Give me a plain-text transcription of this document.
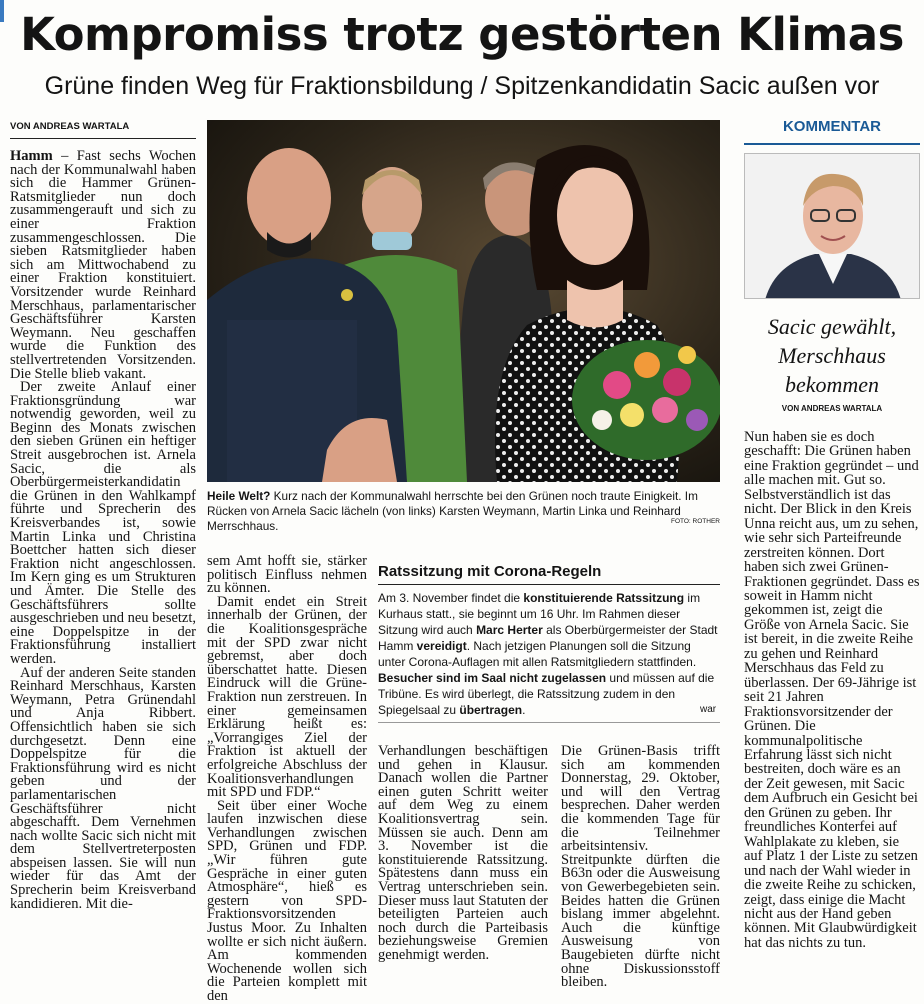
Kompromiss trotz gestörten Klimas
Grüne finden Weg für Fraktionsbildung / Spitzenkandidatin Sacic außen vor
VON ANDREAS WARTALA

Hamm – Fast sechs Wochen nach der Kommunalwahl haben sich die Hammer Grünen-Ratsmitglieder nun doch zusammengerauft und sich zu einer Fraktion zusammengeschlossen. Die sieben Ratsmitglieder haben sich am Mittwochabend zu einer Fraktion konstituiert. Vorsitzender wurde Reinhard Merschhaus, parlamentarischer Geschäftsführer Karsten Weymann. Neu geschaffen wurde die Funktion des stellvertretenden Vorsitzenden. Die Stelle blieb vakant.

Der zweite Anlauf einer Fraktionsgründung war notwendig geworden, weil zu Beginn des Monats zwischen den sieben Grünen ein heftiger Streit ausgebrochen ist. Arnela Sacic, die als Oberbürgermeisterkandidatin die Grünen in den Wahlkampf führte und Sprecherin des Kreisverbandes ist, sowie Martin Linka und Christina Boettcher hatten sich dieser Fraktion nicht angeschlossen. Im Kern ging es um Strukturen und Ämter. Die Stelle des Geschäftsführers sollte ausgeschrieben und neu besetzt, eine Doppelspitze in der Fraktionsführung installiert werden.

Auf der anderen Seite standen Reinhard Merschhaus, Karsten Weymann, Petra Grünendahl und Anja Ribbert. Offensichtlich haben sie sich durchgesetzt. Denn eine Doppelspitze für die Fraktionsführung wird es nicht geben und der parlamentarischen Geschäftsführer nicht abgeschafft. Dem Vernehmen nach wollte Sacic sich nicht mit dem Stellvertreterposten abspeisen lassen. Sie will nun wieder für das Amt der Sprecherin beim Kreisverband kandidieren. Mit die-

Heile Welt? Kurz nach der Kommunalwahl herrschte bei den Grünen noch traute Einigkeit. Im Rücken von Arnela Sacic lächeln (von links) Karsten Weymann, Martin Linka und Reinhard Merrschhaus.	FOTO: ROTHER

sem Amt hofft sie, stärker politisch Einfluss nehmen zu können.

Damit endet ein Streit innerhalb der Grünen, der die Koalitionsgespräche mit der SPD zwar nicht gebremst, aber doch überschattet hatte. Diesen Eindruck will die Grüne-Fraktion nun zerstreuen. In einer gemeinsamen Erklärung heißt es: „Vorrangiges Ziel der Fraktion ist aktuell der erfolgreiche Abschluss der Koalitionsverhandlungen mit SPD und FDP.“

Seit über einer Woche laufen inzwischen diese Verhandlungen zwischen SPD, Grünen und FDP. „Wir führen gute Gespräche in einer guten Atmosphäre“, hieß es gestern von SPD-Fraktionsvorsitzenden Justus Moor. Zu Inhalten wollte er sich nicht äußern. Am kommenden Wochenende wollen sich die Parteien komplett mit den

Ratssitzung mit Corona-Regeln

Am 3. November findet die konstituierende Ratssitzung im Kurhaus statt., sie beginnt um 16 Uhr. Im Rahmen dieser Sitzung wird auch Marc Herter als Oberbürgermeister der Stadt Hamm vereidigt. Nach jetzigen Planungen soll die Sitzung unter Corona-Auflagen mit allen Ratsmitgliedern stattfinden. Besucher sind im Saal nicht zugelassen und müssen auf die Tribüne. Es wird überlegt, die Ratssitzung zudem in den Spiegelsaal zu übertragen.	war

Verhandlungen beschäftigen und gehen in Klausur. Danach wollen die Partner einen guten Schritt weiter auf dem Weg zu einem Koalitionsvertrag sein. Müssen sie auch. Denn am 3. November ist die konstituierende Ratssitzung. Spätestens dann muss ein Vertrag unterschrieben sein. Dieser muss laut Statuten der beteiligten Parteien auch noch durch die Parteibasis beziehungsweise Gremien genehmigt werden.

Die Grünen-Basis trifft sich am kommenden Donnerstag, 29. Oktober, und will den Vertrag besprechen. Daher werden die kommenden Tage für die Teilnehmer arbeitsintensiv. Streitpunkte dürften die B63n oder die Ausweisung von Gewerbegebieten sein. Beides hatten die Grünen bislang immer abgelehnt. Auch die künftige Ausweisung von Baugebieten dürfte nicht ohne Diskussionsstoff bleiben.

KOMMENTAR
Sacic gewählt, Merschhaus bekommen
VON ANDREAS WARTALA

Nun haben sie es doch geschafft: Die Grünen haben eine Fraktion gegründet – und alle machen mit. Gut so. Selbstverständlich ist das nicht. Der Blick in den Kreis Unna reicht aus, um zu sehen, wie sehr sich Parteifreunde zerstreiten können. Dort haben sich zwei Grünen-Fraktionen gegründet. Dass es soweit in Hamm nicht gekommen ist, zeigt die Größe von Arnela Sacic. Sie ist bereit, in die zweite Reihe zu gehen und Reinhard Merschhaus das Feld zu überlassen. Der 69-Jährige ist seit 21 Jahren Fraktionsvorsitzender der Grünen. Die kommunalpolitische Erfahrung lässt sich nicht bestreiten, doch wäre es an der Zeit gewesen, mit Sacic dem Aufbruch ein Gesicht bei den Grünen zu geben. Ihr freundliches Konterfei auf Wahlplakate zu kleben, sie auf Platz 1 der Liste zu setzen und nach der Wahl wieder in die zweite Reihe zu schicken, zeigt, dass einige die Macht nicht aus der Hand geben können. Mit Glaubwürdigkeit hat das nichts zu tun.
